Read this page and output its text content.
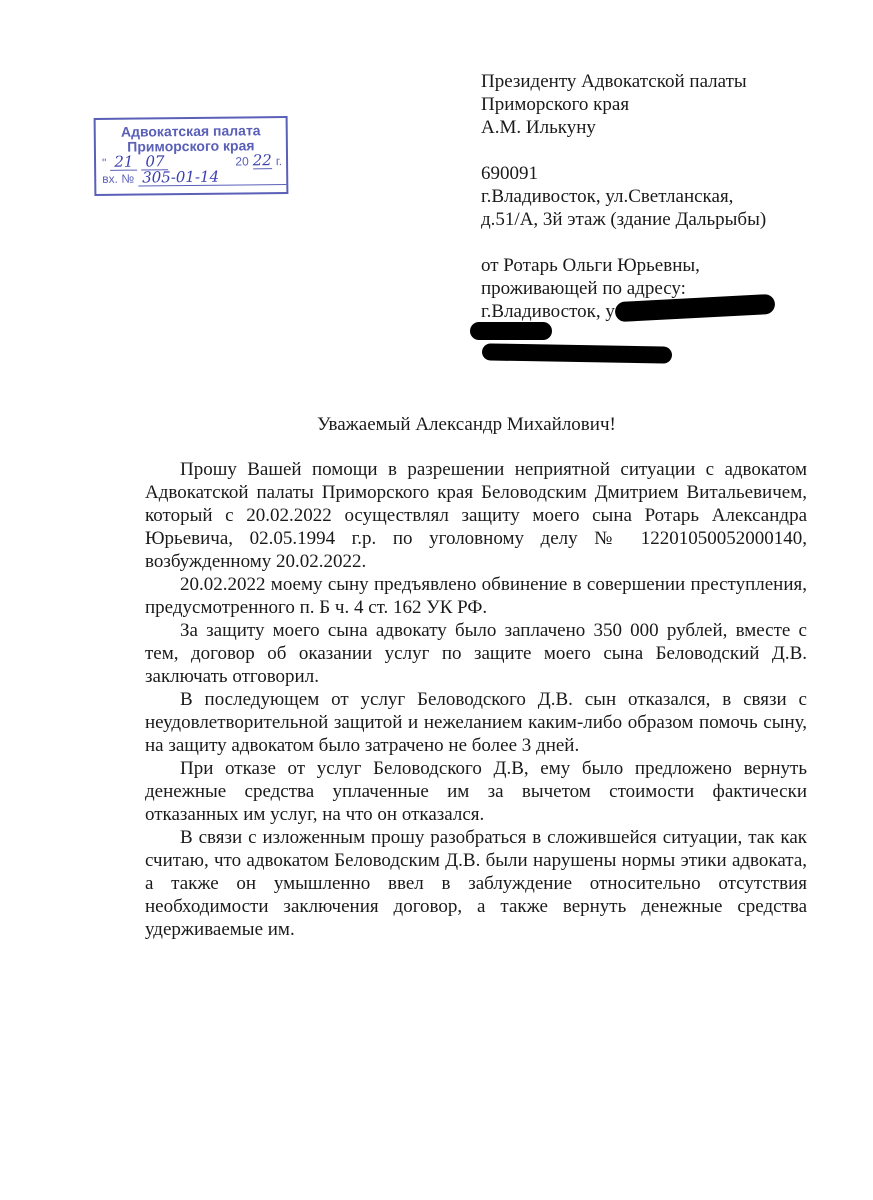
Адвокатская палата
Приморского края
" 21 07	20 22 г.
вх. № 305-01-14
Президенту Адвокатской палаты
Приморского края
А.М. Илькуну
690091
г.Владивосток, ул.Светланская,
д.51/А, 3й этаж (здание Дальрыбы)
от Ротарь Ольги Юрьевны,
проживающей по адресу:
г.Владивосток, у
Уважаемый Александр Михайлович!

Прошу Вашей помощи в разрешении неприятной ситуации с адвокатом Адвокатской палаты Приморского края Беловодским Дмитрием Витальевичем, который с 20.02.2022 осуществлял защиту моего сына Ротарь Александра Юрьевича, 02.05.1994 г.р. по уголовному делу № 12201050052000140, возбужденному 20.02.2022.

20.02.2022 моему сыну предъявлено обвинение в совершении преступления, предусмотренного п. Б ч. 4 ст. 162 УК РФ.

За защиту моего сына адвокату было заплачено 350 000 рублей, вместе с тем, договор об оказании услуг по защите моего сына Беловодский Д.В. заключать отговорил.

В последующем от услуг Беловодского Д.В. сын отказался, в связи с неудовлетворительной защитой и нежеланием каким-либо образом помочь сыну, на защиту адвокатом было затрачено не более 3 дней.

При отказе от услуг Беловодского Д.В, ему было предложено вернуть денежные средства уплаченные им за вычетом стоимости фактически отказанных им услуг, на что он отказался.

В связи с изложенным прошу разобраться в сложившейся ситуации, так как считаю, что адвокатом Беловодским Д.В. были нарушены нормы этики адвоката, а также он умышленно ввел в заблуждение относительно отсутствия необходимости заключения договор, а также вернуть денежные средства удерживаемые им.
